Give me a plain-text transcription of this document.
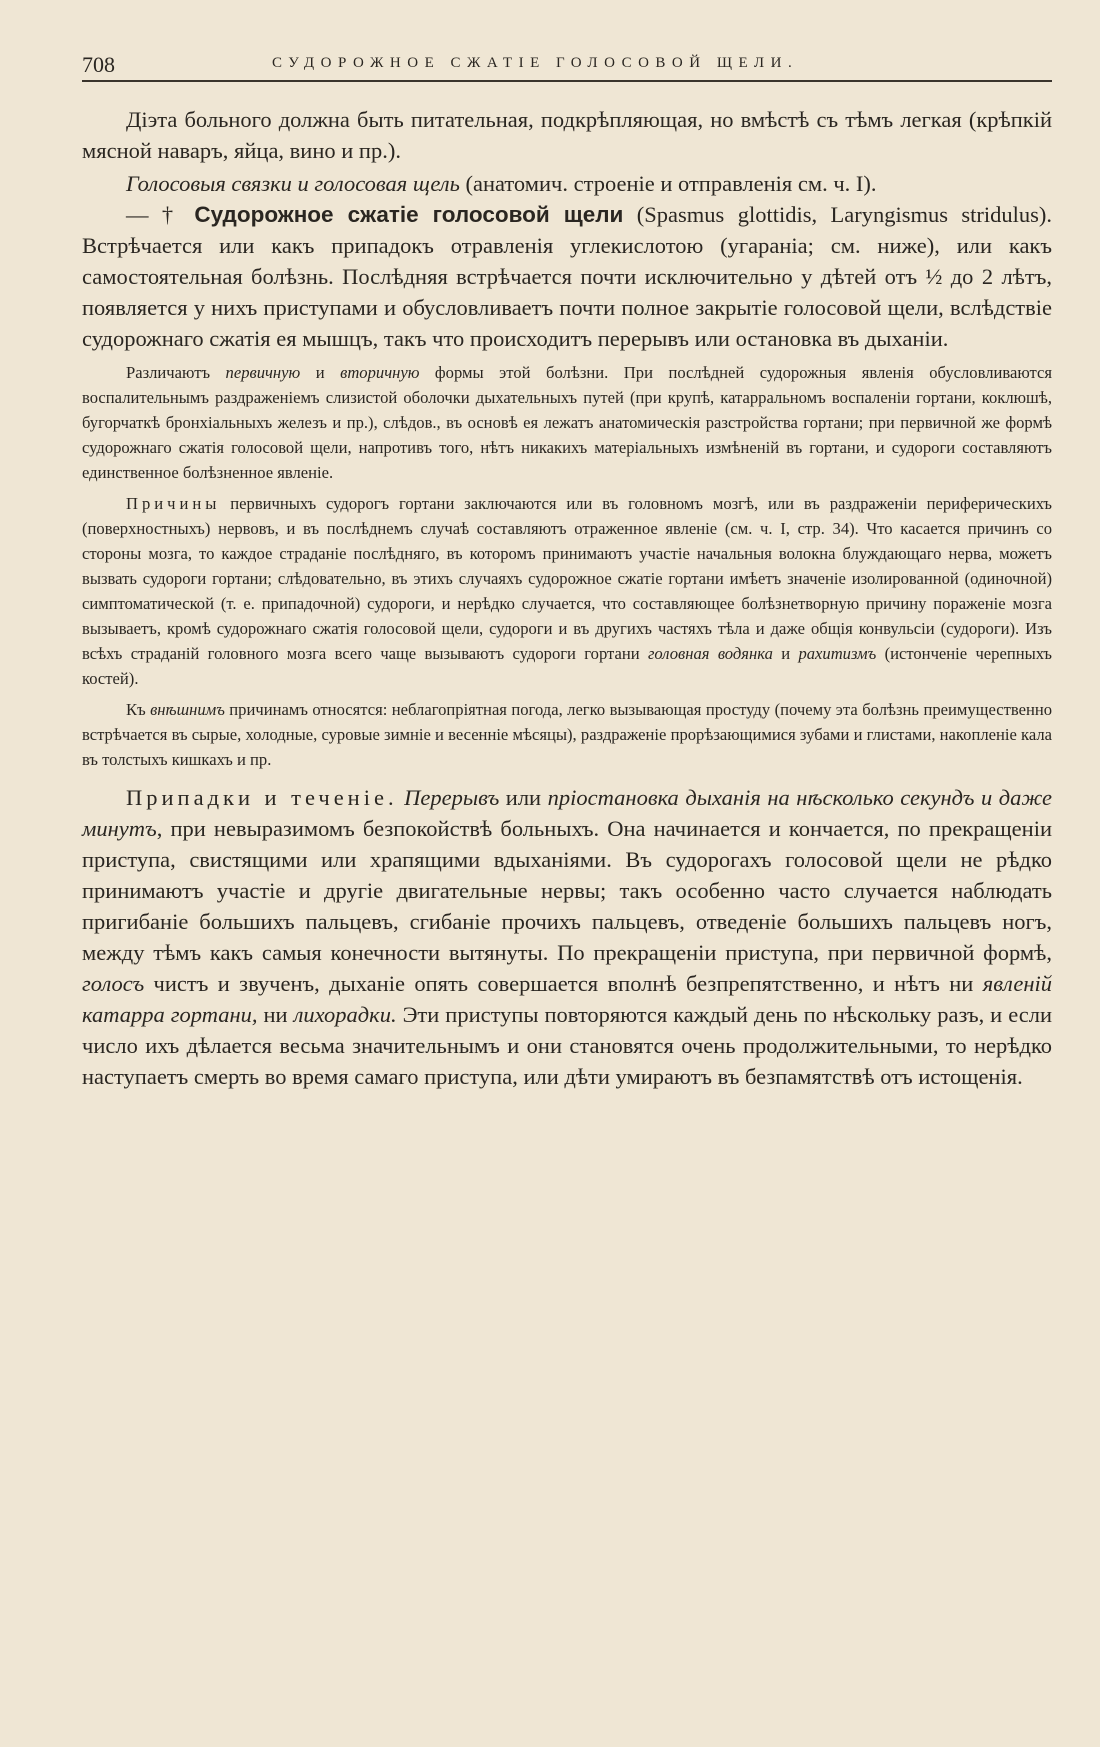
708	СУДОРОЖНОЕ СЖАТІЕ ГОЛОСОВОЙ ЩЕЛИ.

Діэта больного должна быть питательная, подкрѣпляющая, но вмѣстѣ съ тѣмъ легкая (крѣпкій мясной наваръ, яйца, вино и пр.).

Голосовыя связки и голосовая щель (анатомич. строеніе и отправленія см. ч. I).

— † Судорожное сжатіе голосовой щели (Spasmus glottidis, Laryngismus stridulus). Встрѣчается или какъ припадокъ отравленія углекислотою (угараніа; см. ниже), или какъ самостоятельная болѣзнь. Послѣдняя встрѣчается почти исключительно у дѣтей отъ ½ до 2 лѣтъ, появляется у нихъ приступами и обусловливаетъ почти полное закрытіе голосовой щели, вслѣдствіе судорожнаго сжатія ея мышцъ, такъ что происходитъ перерывъ или остановка въ дыханіи.

Различаютъ первичную и вторичную формы этой болѣзни. При послѣдней судорожныя явленія обусловливаются воспалительнымъ раздраженіемъ слизистой оболочки дыхательныхъ путей (при крупѣ, катарральномъ воспаленіи гортани, коклюшѣ, бугорчаткѣ бронхіальныхъ железъ и пр.), слѣдов., въ основѣ ея лежатъ анатомическія разстройства гортани; при первичной же формѣ судорожнаго сжатія голосовой щели, напротивъ того, нѣтъ никакихъ матеріальныхъ измѣненій въ гортани, и судороги составляютъ единственное болѣзненное явленіе.

Причины первичныхъ судорогъ гортани заключаются или въ головномъ мозгѣ, или въ раздраженіи периферическихъ (поверхностныхъ) нервовъ, и въ послѣднемъ случаѣ составляютъ отраженное явленіе (см. ч. I, стр. 34). Что касается причинъ со стороны мозга, то каждое страданіе послѣдняго, въ которомъ принимаютъ участіе начальныя волокна блуждающаго нерва, можетъ вызвать судороги гортани; слѣдовательно, въ этихъ случаяхъ судорожное сжатіе гортани имѣетъ значеніе изолированной (одиночной) симптоматической (т. е. припадочной) судороги, и нерѣдко случается, что составляющее болѣзнетворную причину пораженіе мозга вызываетъ, кромѣ судорожнаго сжатія голосовой щели, судороги и въ другихъ частяхъ тѣла и даже общія конвульсіи (судороги). Изъ всѣхъ страданій головного мозга всего чаще вызываютъ судороги гортани головная водянка и рахитизмъ (истонченіе черепныхъ костей).

Къ внѣшнимъ причинамъ относятся: неблагопріятная погода, легко вызывающая простуду (почему эта болѣзнь преимущественно встрѣчается въ сырые, холодные, суровые зимніе и весенніе мѣсяцы), раздраженіе прорѣзающимися зубами и глистами, накопленіе кала въ толстыхъ кишкахъ и пр.

Припадки и теченіе. Перерывъ или пріостановка дыханія на нѣсколько секундъ и даже минутъ, при невыразимомъ безпокойствѣ больныхъ. Она начинается и кончается, по прекращеніи приступа, свистящими или храпящими вдыханіями. Въ судорогахъ голосовой щели не рѣдко принимаютъ участіе и другіе двигательные нервы; такъ особенно часто случается наблюдать пригибаніе большихъ пальцевъ, сгибаніе прочихъ пальцевъ, отведеніе большихъ пальцевъ ногъ, между тѣмъ какъ самыя конечности вытянуты. По прекращеніи приступа, при первичной формѣ, голосъ чистъ и звученъ, дыханіе опять совершается вполнѣ безпрепятственно, и нѣтъ ни явленій катарра гортани, ни лихорадки. Эти приступы повторяются каждый день по нѣскольку разъ, и если число ихъ дѣлается весьма значительнымъ и они становятся очень продолжительными, то нерѣдко наступаетъ смерть во время самаго приступа, или дѣти умираютъ въ безпамятствѣ отъ истощенія.
